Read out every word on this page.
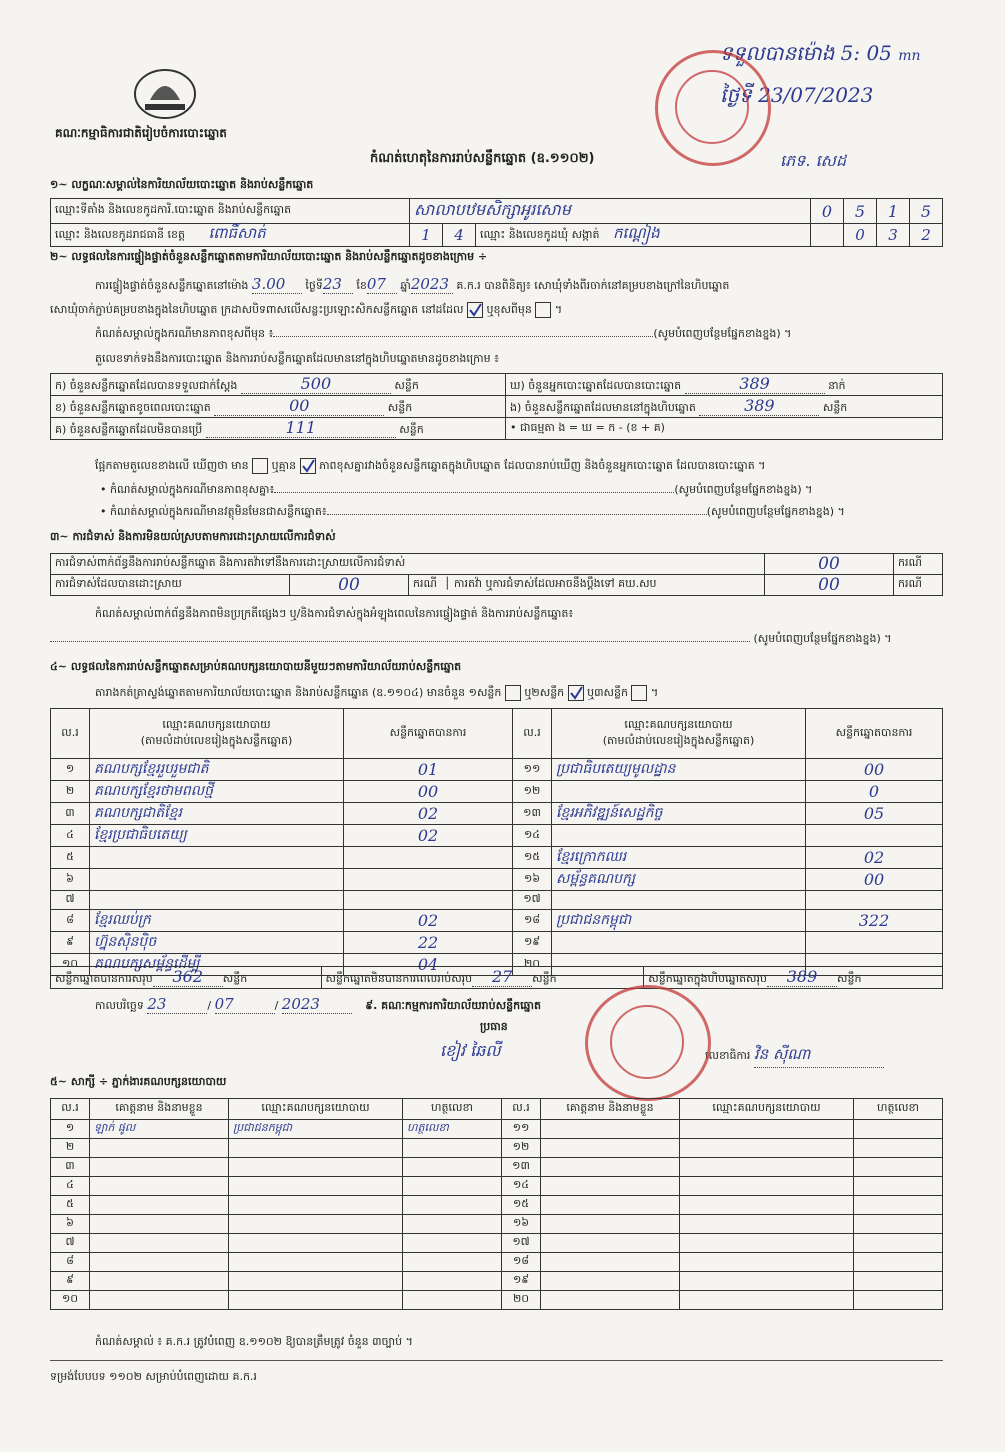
គណៈកម្មាធិការជាតិរៀបចំការបោះឆ្នោត
កំណត់ហេតុនៃការរាប់សន្លឹកឆ្នោត (ឧ.១១០២)
ទទួលបានម៉ោង 5: 05 mn
ថ្ងៃទី 23/07/2023
ភេទ. សេដ
១~ លក្ខណៈសម្គាល់នៃការិយាល័យបោះឆ្នោត និងរាប់សន្លឹកឆ្នោត
ឈ្មោះទីតាំង និងលេខកូដការិ.បោះឆ្នោត និងរាប់សន្លឹកឆ្នោត	សាលាបឋមសិក្សាអូរសោម			0	5	1	5
ឈ្មោះ និងលេខកូដរាជធានី ខេត្ត ពោធិ៍សាត់	1	4	ឈ្មោះ និងលេខកូដឃុំ សង្កាត់ កណ្ដៀង		0	3	2
២~ លទ្ធផលនៃការផ្ទៀងផ្ទាត់ចំនួនសន្លឹកឆ្នោតតាមការិយាល័យបោះឆ្នោត និងរាប់សន្លឹកឆ្នោតដូចខាងក្រោម ÷
ការផ្ទៀងផ្ទាត់ចំនួនសន្លឹកឆ្នោតនៅម៉ោង 3.00 ថ្ងៃទី23 ខែ07 ឆ្នាំ2023 គ.ក.រ បានពិនិត្យ៖ សោឃុំទាំងពីរចាក់នៅគម្របខាងក្រៅនៃហិបឆ្នោត
សោឃុំចាក់ភ្ជាប់គម្របខាងក្នុងនៃហិបឆ្នោត ក្រដាសបិទពាសលើសន្លះប្រឡោះសិកសន្លឹកឆ្នោត នៅដដែល ឬខុសពីមុន  ។
កំណត់សម្គាល់ក្នុងករណីមានភាពខុសពីមុន ៖	(សូមបំពេញបន្ថែមផ្នែកខាងខ្នង) ។
តួលេខទាក់ទងនឹងការបោះឆ្នោត និងការរាប់សន្លឹកឆ្នោតដែលមាននៅក្នុងហិបឆ្នោតមានដូចខាងក្រោម ៖
ក) ចំនួនសន្លឹកឆ្នោតដែលបានទទួលជាក់ស្ដែង 500 សន្លឹក	ឃ) ចំនួនអ្នកបោះឆ្នោតដែលបានបោះឆ្នោត 389 នាក់
ខ) ចំនួនសន្លឹកឆ្នោតខូចពេលបោះឆ្នោត 00 សន្លឹក	ង) ចំនួនសន្លឹកឆ្នោតដែលមាននៅក្នុងហិបឆ្នោត 389 សន្លឹក
គ) ចំនួនសន្លឹកឆ្នោតដែលមិនបានប្រើ 111 សន្លឹក	• ជាធម្មតា ង = ឃ = ក - (ខ + គ)
ផ្អែកតាមតួលេខខាងលើ ឃើញថា មាន ឬគ្មាន ភាពខុសគ្នារវាងចំនួនសន្លឹកឆ្នោតក្នុងហិបឆ្នោត ដែលបានរាប់ឃើញ និងចំនួនអ្នកបោះឆ្នោត ដែលបានបោះឆ្នោត ។
• កំណត់សម្គាល់ក្នុងករណីមានភាពខុសគ្នា៖	(សូមបំពេញបន្ថែមផ្នែកខាងខ្នង) ។
• កំណត់សម្គាល់ក្នុងករណីមានវត្ថុមិនមែនជាសន្លឹកឆ្នោត៖	(សូមបំពេញបន្ថែមផ្នែកខាងខ្នង) ។
៣~ ការជំទាស់ និងការមិនយល់ស្របតាមការដោះស្រាយលើការជំទាស់
ការជំទាស់ពាក់ព័ន្ធនឹងការរាប់សន្លឹកឆ្នោត និងការតវ៉ាទៅនឹងការដោះស្រាយលើការជំទាស់			00	ករណី
ការជំទាស់ដែលបានដោះស្រាយ	00	ករណី  │ ការតវ៉ា ឬការជំទាស់ដែលអាចនឹងប្ដឹងទៅ គឃ.សប	00	ករណី
កំណត់សម្គាល់ពាក់ព័ន្ធនឹងភាពមិនប្រក្រតីផ្សេងៗ ឬ/និងការជំទាស់ក្នុងអំឡុងពេលនៃការផ្ទៀងផ្ទាត់ និងការរាប់សន្លឹកឆ្នោត៖
(សូមបំពេញបន្ថែមផ្នែកខាងខ្នង) ។
៤~ លទ្ធផលនៃការរាប់សន្លឹកឆ្នោតសម្រាប់គណបក្សនយោបាយនីមួយៗតាមការិយាល័យរាប់សន្លឹកឆ្នោត
តារាងកត់ត្រាស្ទង់ឆ្នោតតាមការិយាល័យបោះឆ្នោត និងរាប់សន្លឹកឆ្នោត (ឧ.១១០៤) មានចំនួន ១សន្លឹក ឬ២សន្លឹក ឬ៣សន្លឹក  ។
ល.រ	ឈ្មោះគណបក្សនយោបាយ
(តាមលំដាប់លេខរៀងក្នុងសន្លឹកឆ្នោត)	សន្លឹកឆ្នោតបានការ	ល.រ	ឈ្មោះគណបក្សនយោបាយ
(តាមលំដាប់លេខរៀងក្នុងសន្លឹកឆ្នោត)	សន្លឹកឆ្នោតបានការ
១	គណបក្សខ្មែររួបរួមជាតិ	01	១១	ប្រជាធិបតេយ្យមូលដ្ឋាន	00
២	គណបក្សខ្មែរថាមពលថ្មី	00	១២		0
៣	គណបក្សជាតិខ្មែរ	02	១៣	ខ្មែរអភិវឌ្ឍន៍សេដ្ឋកិច្ច	05
៤	ខ្មែរប្រជាធិបតេយ្យ	02	១៤		
៥			១៥	ខ្មែរក្រោកឈរ	02
៦			១៦	សម្ព័ន្ធគណបក្ស	00
៧			១៧		
៨	ខ្មែរឈប់ក្រ	02	១៨	ប្រជាជនកម្ពុជា	322
៩	ហ្វ៊ុនស៊ិនប៉ិច	22	១៩		
១០	គណបក្សសម្ព័ន្ធដើម្បី	04	២០		
សន្លឹកឆ្នោតបានការសរុប 362 សន្លឹក	សន្លឹកឆ្នោតមិនបានការពេលរាប់សរុប 27 សន្លឹក	សន្លឹកឆ្នោតក្នុងហិបឆ្នោតសរុប 389 សន្លឹក
កាលបរិច្ឆេទ 23	/ 07	/ 2023	៩. គណៈកម្មការការិយាល័យរាប់សន្លឹកឆ្នោត
ប្រធាន
ខៀវ ឆៃលី	លេខាធិការ វិន ស៊ីណា
៥~ សាក្សី ÷ ភ្នាក់ងារគណបក្សនយោបាយ
ល.រ	គោត្តនាម និងនាមខ្លួន	ឈ្មោះគណបក្សនយោបាយ	ហត្ថលេខា	ល.រ	គោត្តនាម និងនាមខ្លួន	ឈ្មោះគណបក្សនយោបាយ	ហត្ថលេខា
១	ឡាក់ ផូល	ប្រជាជនកម្ពុជា	ហត្ថលេខា	១១			
២				១២			
៣				១៣			
៤				១៤			
៥				១៥			
៦				១៦			
៧				១៧			
៨				១៨			
៩				១៩			
១០				២០			
កំណត់សម្គាល់ ៖ គ.ក.រ ត្រូវបំពេញ ឧ.១១០២ ឱ្យបានត្រឹមត្រូវ ចំនួន ៣ច្បាប់ ។
ទម្រង់បែបបទ ១១០២ សម្រាប់បំពេញដោយ គ.ក.រ
